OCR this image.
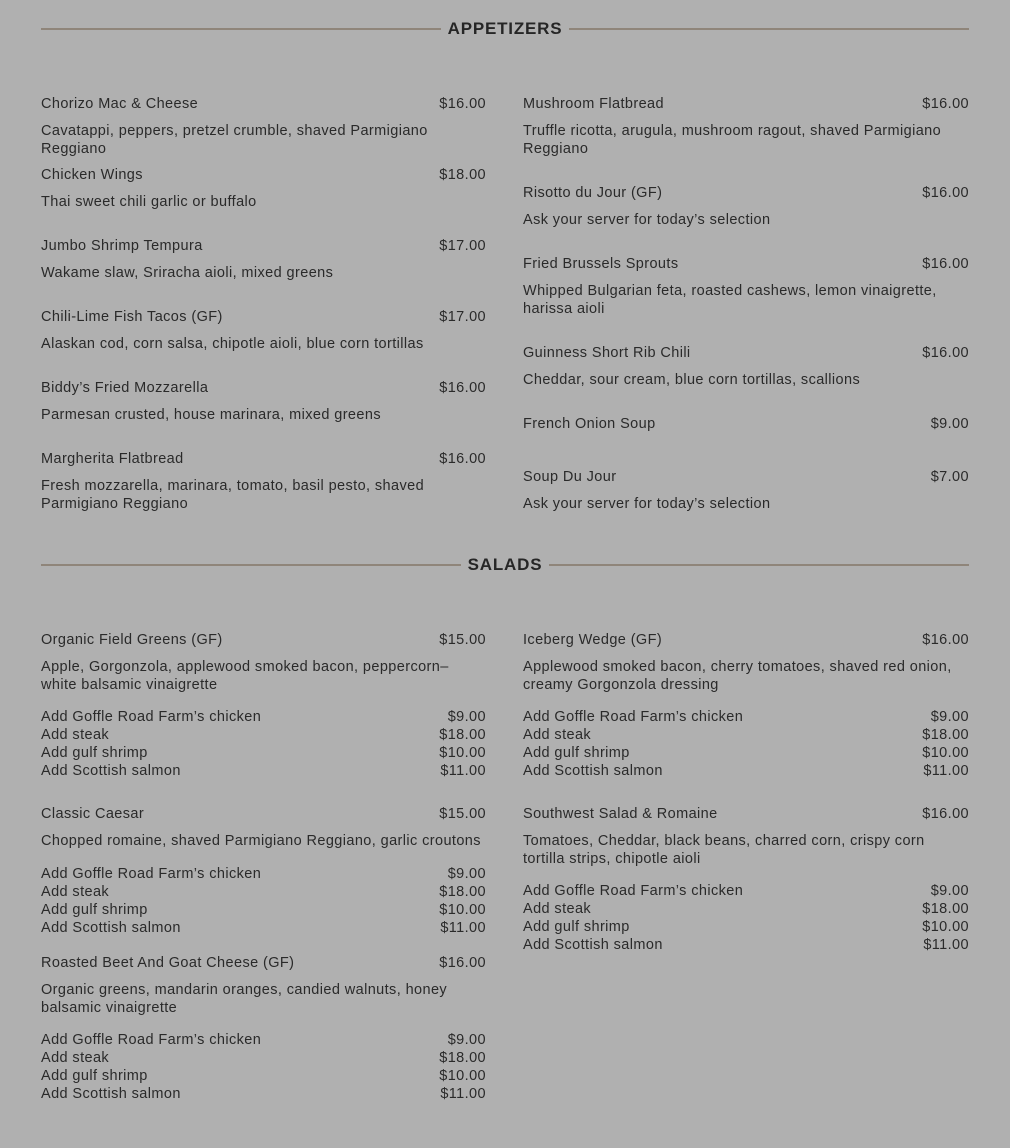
APPETIZERS
Chorizo Mac & Cheese	$16.00
Cavatappi, peppers, pretzel crumble, shaved Parmigiano Reggiano
Chicken Wings	$18.00
Thai sweet chili garlic or buffalo
Jumbo Shrimp Tempura	$17.00
Wakame slaw, Sriracha aioli, mixed greens
Chili-Lime Fish Tacos (GF)	$17.00
Alaskan cod, corn salsa, chipotle aioli, blue corn tortillas
Biddy’s Fried Mozzarella	$16.00
Parmesan crusted, house marinara, mixed greens
Margherita Flatbread	$16.00
Fresh mozzarella, marinara, tomato, basil pesto, shaved Parmigiano Reggiano
Mushroom Flatbread	$16.00
Truffle ricotta, arugula, mushroom ragout, shaved Parmigiano Reggiano
Risotto du Jour (GF)	$16.00
Ask your server for today’s selection
Fried Brussels Sprouts	$16.00
Whipped Bulgarian feta, roasted cashews, lemon vinaigrette, harissa aioli
Guinness Short Rib Chili	$16.00
Cheddar, sour cream, blue corn tortillas, scallions
French Onion Soup	$9.00
Soup Du Jour	$7.00
Ask your server for today’s selection
SALADS
Organic Field Greens (GF)	$15.00
Apple, Gorgonzola, applewood smoked bacon, peppercorn–white balsamic vinaigrette
Add Goffle Road Farm’s chicken	$9.00
Add steak	$18.00
Add gulf shrimp	$10.00
Add Scottish salmon	$11.00
Classic Caesar	$15.00
Chopped romaine, shaved Parmigiano Reggiano, garlic croutons
Add Goffle Road Farm’s chicken	$9.00
Add steak	$18.00
Add gulf shrimp	$10.00
Add Scottish salmon	$11.00
Roasted Beet And Goat Cheese (GF)	$16.00
Organic greens, mandarin oranges, candied walnuts, honey balsamic vinaigrette
Add Goffle Road Farm’s chicken	$9.00
Add steak	$18.00
Add gulf shrimp	$10.00
Add Scottish salmon	$11.00
Iceberg Wedge (GF)	$16.00
Applewood smoked bacon, cherry tomatoes, shaved red onion, creamy Gorgonzola dressing
Add Goffle Road Farm’s chicken	$9.00
Add steak	$18.00
Add gulf shrimp	$10.00
Add Scottish salmon	$11.00
Southwest Salad & Romaine	$16.00
Tomatoes, Cheddar, black beans, charred corn, crispy corn tortilla strips, chipotle aioli
Add Goffle Road Farm’s chicken	$9.00
Add steak	$18.00
Add gulf shrimp	$10.00
Add Scottish salmon	$11.00
